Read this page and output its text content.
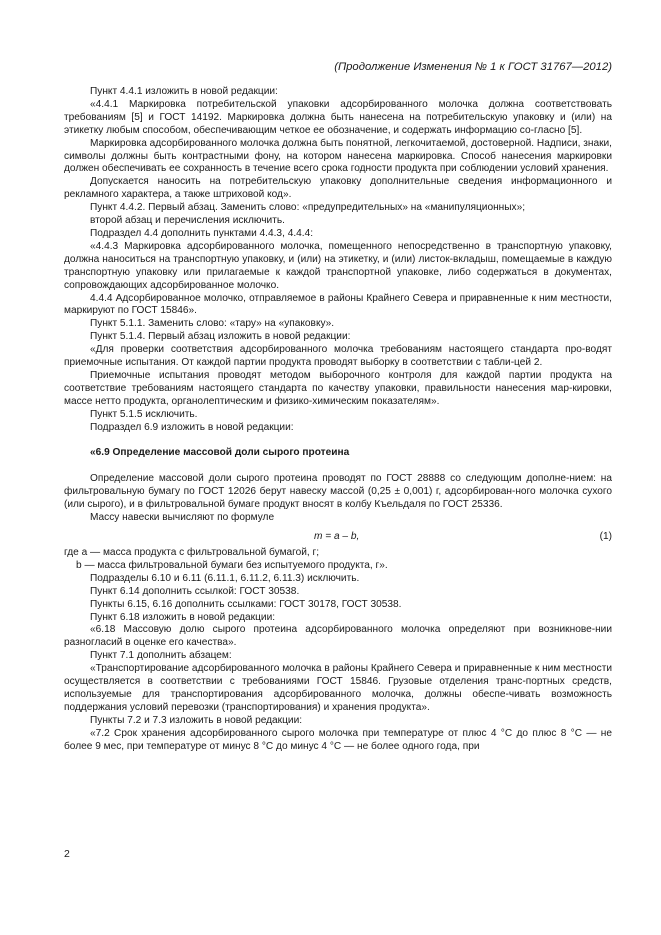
(Продолжение Изменения № 1 к ГОСТ 31767—2012)

Пункт 4.4.1 изложить в новой редакции:

«4.4.1 Маркировка потребительской упаковки адсорбированного молочка должна соответствовать требованиям [5] и ГОСТ 14192. Маркировка должна быть нанесена на потребительскую упаковку и (или) на этикетку любым способом, обеспечивающим четкое ее обозначение, и содержать информацию со-гласно [5].

Маркировка адсорбированного молочка должна быть понятной, легкочитаемой, достоверной. Надписи, знаки, символы должны быть контрастными фону, на котором нанесена маркировка. Способ нанесения маркировки должен обеспечивать ее сохранность в течение всего срока годности продукта при соблюдении условий хранения.

Допускается наносить на потребительскую упаковку дополнительные сведения информационного и рекламного характера, а также штриховой код».

Пункт 4.4.2. Первый абзац. Заменить слово: «предупредительных» на «манипуляционных»;

второй абзац и перечисления исключить.

Подраздел 4.4 дополнить пунктами 4.4.3, 4.4.4:

«4.4.3 Маркировка адсорбированного молочка, помещенного непосредственно в транспортную упаковку, должна наноситься на транспортную упаковку, и (или) на этикетку, и (или) листок-вкладыш, помещаемые в каждую транспортную упаковку или прилагаемые к каждой транспортной упаковке, либо содержаться в документах, сопровождающих адсорбированное молочко.

4.4.4 Адсорбированное молочко, отправляемое в районы Крайнего Севера и приравненные к ним местности, маркируют по ГОСТ 15846».

Пункт 5.1.1. Заменить слово: «тару» на «упаковку».

Пункт 5.1.4. Первый абзац изложить в новой редакции:

«Для проверки соответствия адсорбированного молочка требованиям настоящего стандарта про-водят приемочные испытания. От каждой партии продукта проводят выборку в соответствии с табли-цей 2.

Приемочные испытания проводят методом выборочного контроля для каждой партии продукта на соответствие требованиям настоящего стандарта по качеству упаковки, правильности нанесения мар-кировки, массе нетто продукта, органолептическим и физико-химическим показателям».

Пункт 5.1.5 исключить.

Подраздел 6.9 изложить в новой редакции:

«6.9 Определение массовой доли сырого протеина

Определение массовой доли сырого протеина проводят по ГОСТ 28888 со следующим дополне-нием: на фильтровальную бумагу по ГОСТ 12026 берут навеску массой (0,25 ± 0,001) г, адсорбирован-ного молочка сухого (или сырого), и в фильтровальной бумаге продукт вносят в колбу Къельдаля по ГОСТ 25336.

Массу навески вычисляют по формуле

m = a – b,	(1)

где a — масса продукта с фильтровальной бумагой, г;

b — масса фильтровальной бумаги без испытуемого продукта, г».

Подразделы 6.10 и 6.11 (6.11.1, 6.11.2, 6.11.3) исключить.

Пункт 6.14 дополнить ссылкой: ГОСТ 30538.

Пункты 6.15, 6.16 дополнить ссылками: ГОСТ 30178, ГОСТ 30538.

Пункт 6.18 изложить в новой редакции:

«6.18 Массовую долю сырого протеина адсорбированного молочка определяют при возникнове-нии разногласий в оценке его качества».

Пункт 7.1 дополнить абзацем:

«Транспортирование адсорбированного молочка в районы Крайнего Севера и приравненные к ним местности осуществляется в соответствии с требованиями ГОСТ 15846. Грузовые отделения транс-портных средств, используемые для транспортирования адсорбированного молочка, должны обеспе-чивать возможность поддержания условий перевозки (транспортирования) и хранения продукта».

Пункты 7.2 и 7.3 изложить в новой редакции:

«7.2 Срок хранения адсорбированного сырого молочка при температуре от плюс 4 °С до плюс 8 °С — не более 9 мес, при температуре от минус 8 °С до минус 4 °С — не более одного года, при

2
